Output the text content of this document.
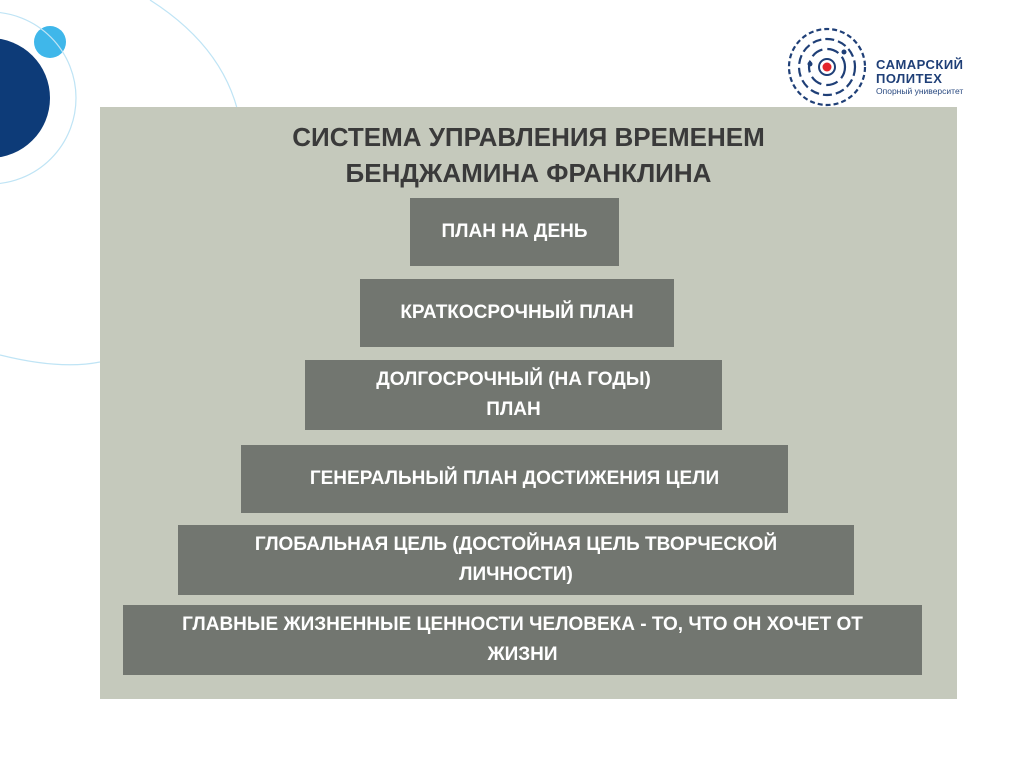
САМАРСКИЙ
ПОЛИТЕХ
Опорный университет
СИСТЕМА УПРАВЛЕНИЯ ВРЕМЕНЕМ
БЕНДЖАМИНА ФРАНКЛИНА
ПЛАН НА ДЕНЬ
КРАТКОСРОЧНЫЙ ПЛАН
ДОЛГОСРОЧНЫЙ (НА ГОДЫ) ПЛАН
ГЕНЕРАЛЬНЫЙ ПЛАН ДОСТИЖЕНИЯ ЦЕЛИ
ГЛОБАЛЬНАЯ ЦЕЛЬ (ДОСТОЙНАЯ ЦЕЛЬ ТВОРЧЕСКОЙ ЛИЧНОСТИ)
ГЛАВНЫЕ ЖИЗНЕННЫЕ ЦЕННОСТИ ЧЕЛОВЕКА - ТО, ЧТО ОН ХОЧЕТ ОТ ЖИЗНИ
